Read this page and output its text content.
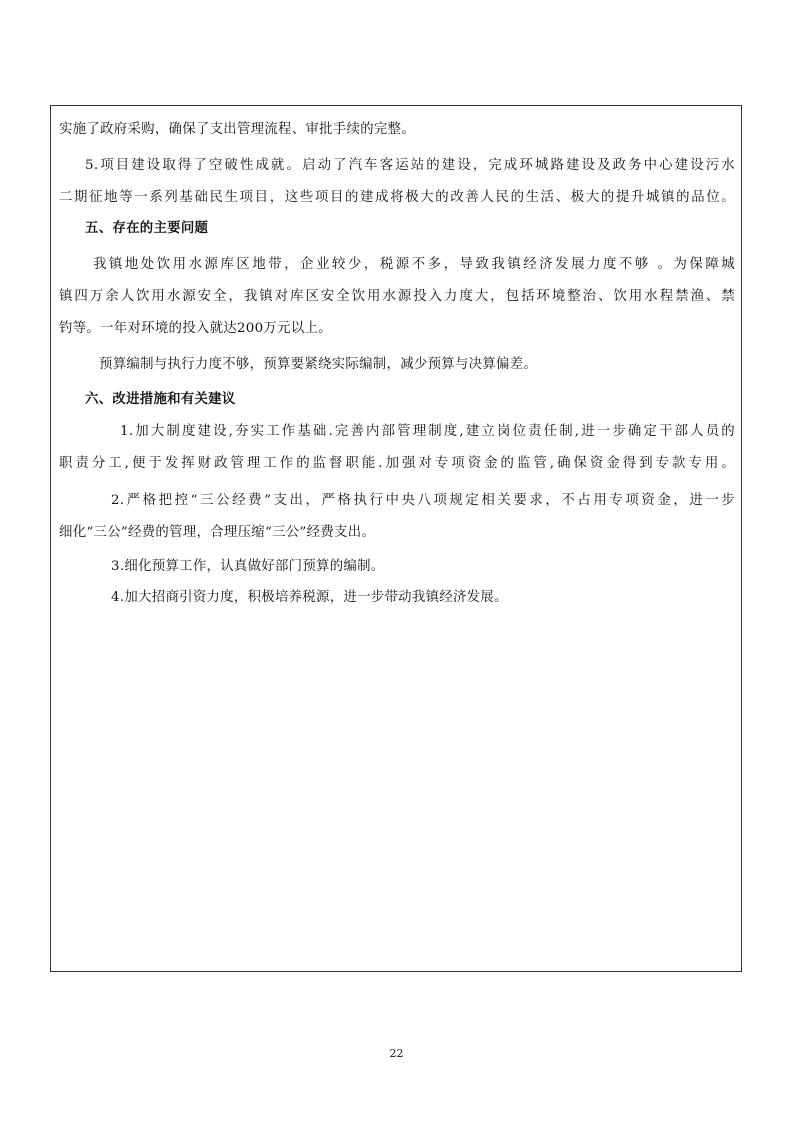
实施了政府采购，确保了支出管理流程、审批手续的完整。
5.项目建设取得了空破性成就。启动了汽车客运站的建设，完成环城路建设及政务中心建设污水
二期征地等一系列基础民生项目，这些项目的建成将极大的改善人民的生活、极大的提升城镇的品位。
五、存在的主要问题
我镇地处饮用水源库区地带，企业较少，税源不多，导致我镇经济发展力度不够 。为保障城
镇四万余人饮用水源安全，我镇对库区安全饮用水源投入力度大，包括环境整治、饮用水程禁渔、禁
钓等。一年对环境的投入就达200万元以上。
预算编制与执行力度不够，预算要紧绕实际编制，减少预算与决算偏差。
六、改进措施和有关建议
1.加大制度建设,夯实工作基础.完善内部管理制度,建立岗位责任制,进一步确定干部人员的
职责分工,便于发挥财政管理工作的监督职能.加强对专项资金的监管,确保资金得到专款专用。
2.严格把控“三公经费”支出，严格执行中央八项规定相关要求，不占用专项资金，进一步
细化“三公”经费的管理，合理压缩“三公”经费支出。
3.细化预算工作，认真做好部门预算的编制。
4.加大招商引资力度，积极培养税源，进一步带动我镇经济发展。
22
